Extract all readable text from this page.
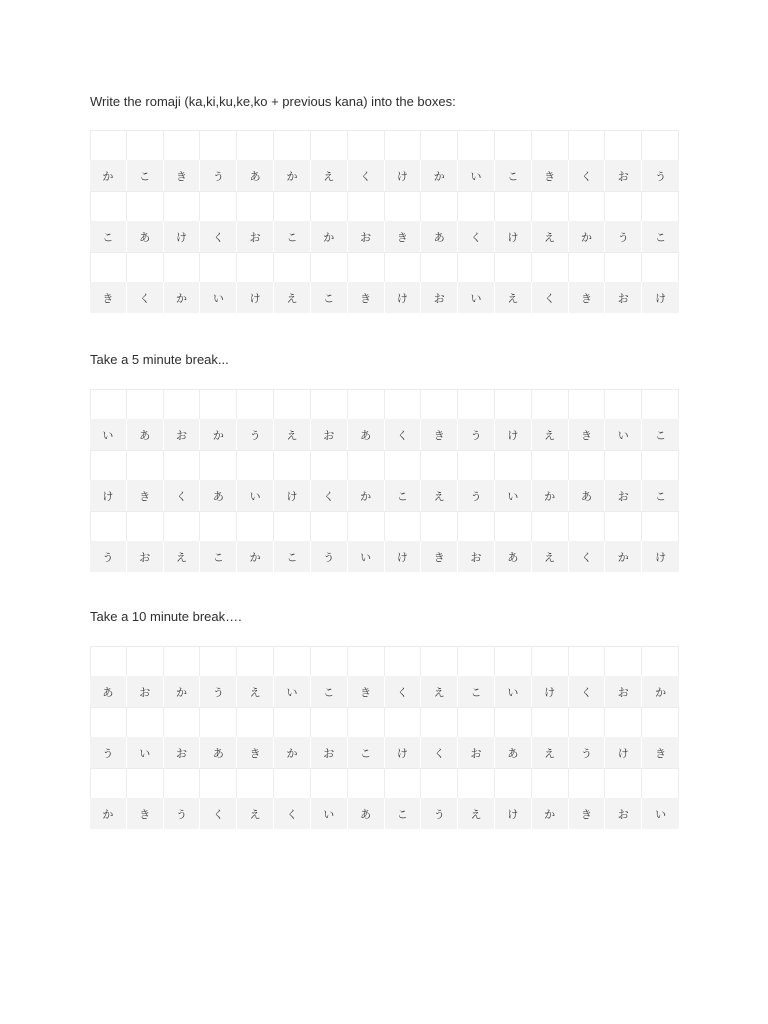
Write the romaji (ka,ki,ku,ke,ko + previous kana) into the boxes:
か	こ	き	う	あ	か	え	く	け	か	い	こ	き	く	お	う
こ	あ	け	く	お	こ	か	お	き	あ	く	け	え	か	う	こ
き	く	か	い	け	え	こ	き	け	お	い	え	く	き	お	け
Take a 5 minute break...
い	あ	お	か	う	え	お	あ	く	き	う	け	え	き	い	こ
け	き	く	あ	い	け	く	か	こ	え	う	い	か	あ	お	こ
う	お	え	こ	か	こ	う	い	け	き	お	あ	え	く	か	け
Take a 10 minute break….
あ	お	か	う	え	い	こ	き	く	え	こ	い	け	く	お	か
う	い	お	あ	き	か	お	こ	け	く	お	あ	え	う	け	き
か	き	う	く	え	く	い	あ	こ	う	え	け	か	き	お	い
